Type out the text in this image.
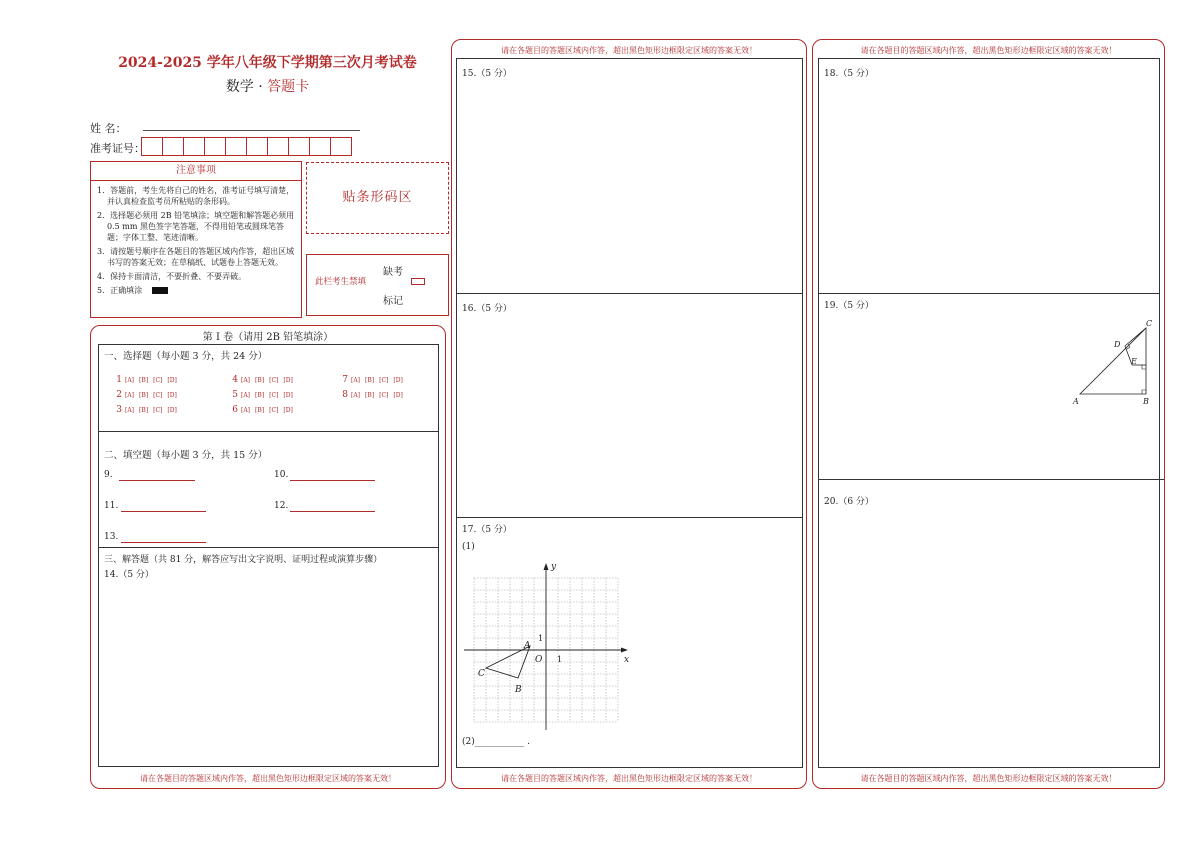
2024-2025 学年八年级下学期第三次月考试卷
数学 · 答题卡
姓 名：
准考证号：
注意事项
1．答题前，考生先将自己的姓名，准考证号填写清楚，并认真检查监考员所粘贴的条形码。
2．选择题必须用 2B 铅笔填涂；填空题和解答题必须用 0.5 mm 黑色签字笔答题，不得用铅笔或圆珠笔答题；字体工整、笔迹清晰。
3．请按题号顺序在各题目的答题区域内作答，超出区域书写的答案无效；在草稿纸、试题卷上答题无效。
4．保持卡面清洁，不要折叠、不要弄破。
5．正确填涂
贴条形码区
此栏考生禁填
缺考
标记
第 I 卷（请用 2B 铅笔填涂）
一、选择题（每小题 3 分，共 24 分）
1 [A] [B] [C] [D]
2 [A] [B] [C] [D]
3 [A] [B] [C] [D]
4 [A] [B] [C] [D]
5 [A] [B] [C] [D]
6 [A] [B] [C] [D]
7 [A] [B] [C] [D]
8 [A] [B] [C] [D]
二、填空题（每小题 3 分，共 15 分）
9.	10.
11.	12.
13.
三、解答题（共 81 分，解答应写出文字说明、证明过程或演算步骤）
14.（5 分）
请在各题目的答题区域内作答，超出黑色矩形边框限定区域的答案无效！
请在各题目的答题区域内作答，超出黑色矩形边框限定区域的答案无效！
15.（5 分）
16.（5 分）
17.（5 分）
(1)
(2)___________ .
y
x
O 1
1
A
B
C
请在各题目的答题区域内作答，超出黑色矩形边框限定区域的答案无效！
请在各题目的答题区域内作答，超出黑色矩形边框限定区域的答案无效！
18.（5 分）
19.（5 分）
20.（6 分）
A	B
C
D
E
请在各题目的答题区域内作答，超出黑色矩形边框限定区域的答案无效！
